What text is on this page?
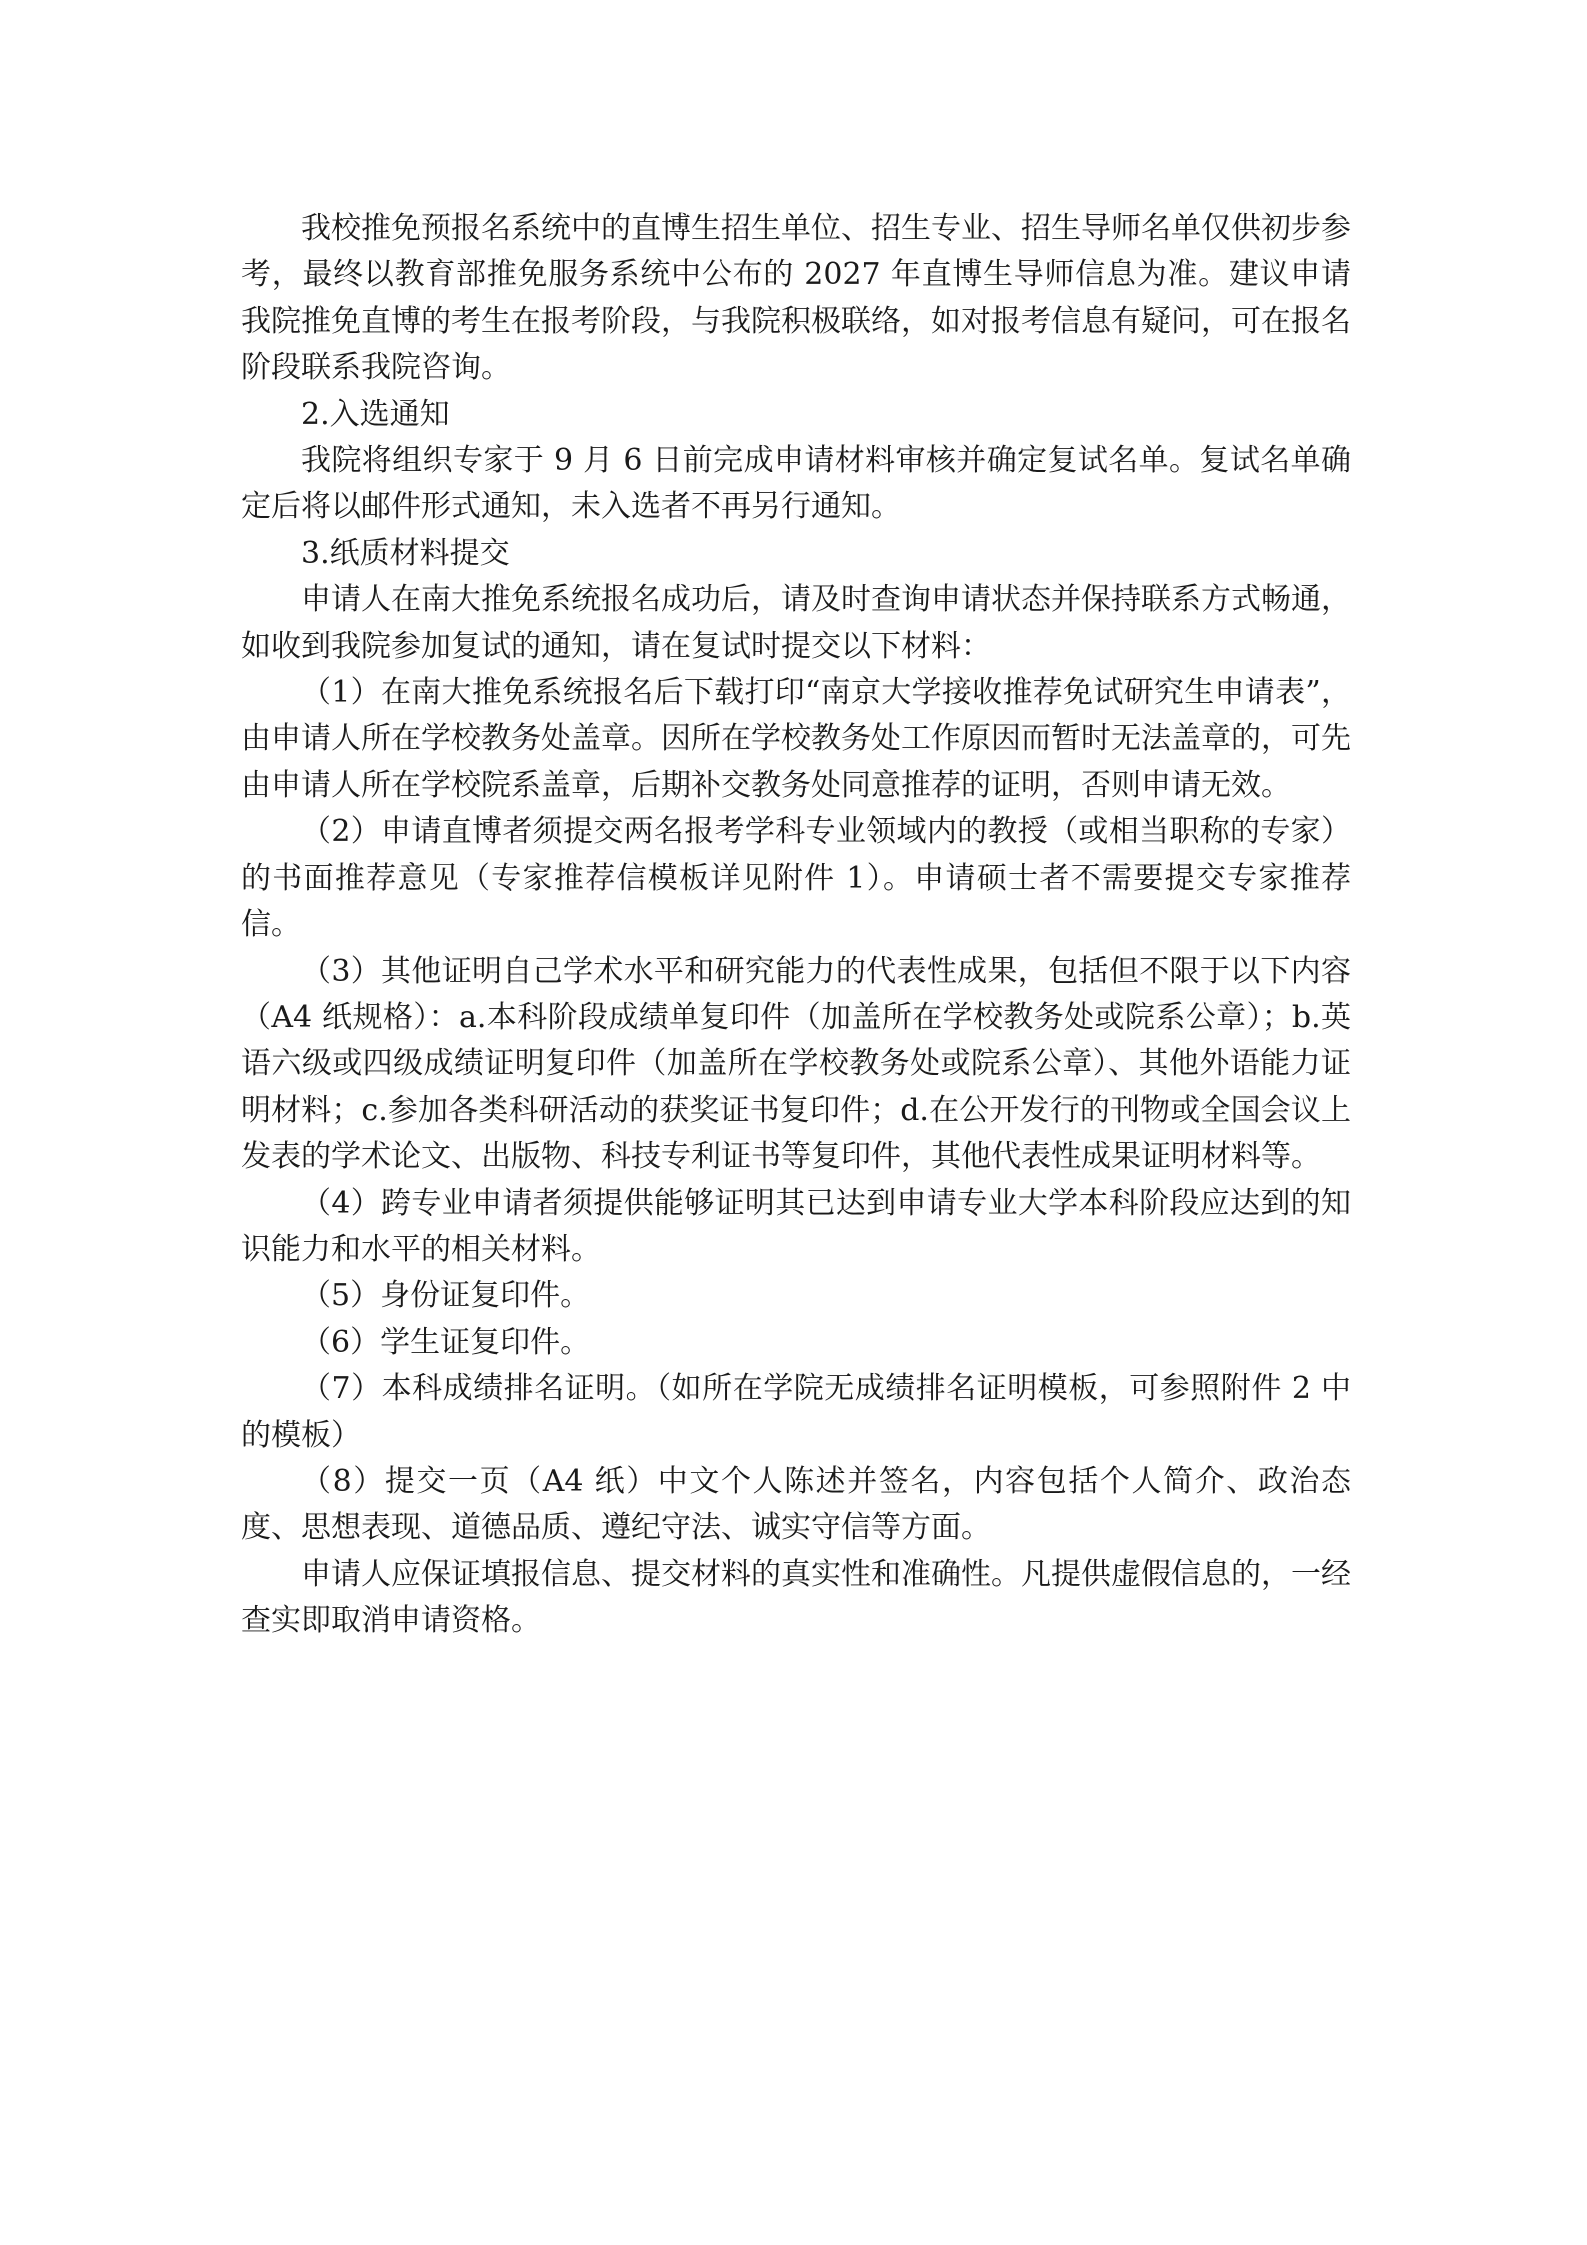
我校推免预报名系统中的直博生招生单位、招生专业、招生导师名单仅供初步参考，最终以教育部推免服务系统中公布的 2027 年直博生导师信息为准。建议申请我院推免直博的考生在报考阶段，与我院积极联络，如对报考信息有疑问，可在报名阶段联系我院咨询。

2.入选通知

我院将组织专家于 9 月 6 日前完成申请材料审核并确定复试名单。复试名单确定后将以邮件形式通知，未入选者不再另行通知。

3.纸质材料提交

申请人在南大推免系统报名成功后，请及时查询申请状态并保持联系方式畅通，如收到我院参加复试的通知，请在复试时提交以下材料：

（1）在南大推免系统报名后下载打印“南京大学接收推荐免试研究生申请表”，由申请人所在学校教务处盖章。因所在学校教务处工作原因而暂时无法盖章的，可先由申请人所在学校院系盖章，后期补交教务处同意推荐的证明，否则申请无效。

（2）申请直博者须提交两名报考学科专业领域内的教授（或相当职称的专家）的书面推荐意见（专家推荐信模板详见附件 1）。申请硕士者不需要提交专家推荐信。

（3）其他证明自己学术水平和研究能力的代表性成果，包括但不限于以下内容（A4 纸规格）：a.本科阶段成绩单复印件（加盖所在学校教务处或院系公章）；b.英语六级或四级成绩证明复印件（加盖所在学校教务处或院系公章）、其他外语能力证明材料；c.参加各类科研活动的获奖证书复印件；d.在公开发行的刊物或全国会议上发表的学术论文、出版物、科技专利证书等复印件，其他代表性成果证明材料等。

（4）跨专业申请者须提供能够证明其已达到申请专业大学本科阶段应达到的知识能力和水平的相关材料。

（5）身份证复印件。

（6）学生证复印件。

（7）本科成绩排名证明。（如所在学院无成绩排名证明模板，可参照附件 2 中的模板）

（8）提交一页（A4 纸）中文个人陈述并签名，内容包括个人简介、政治态度、思想表现、道德品质、遵纪守法、诚实守信等方面。

申请人应保证填报信息、提交材料的真实性和准确性。凡提供虚假信息的，一经查实即取消申请资格。
